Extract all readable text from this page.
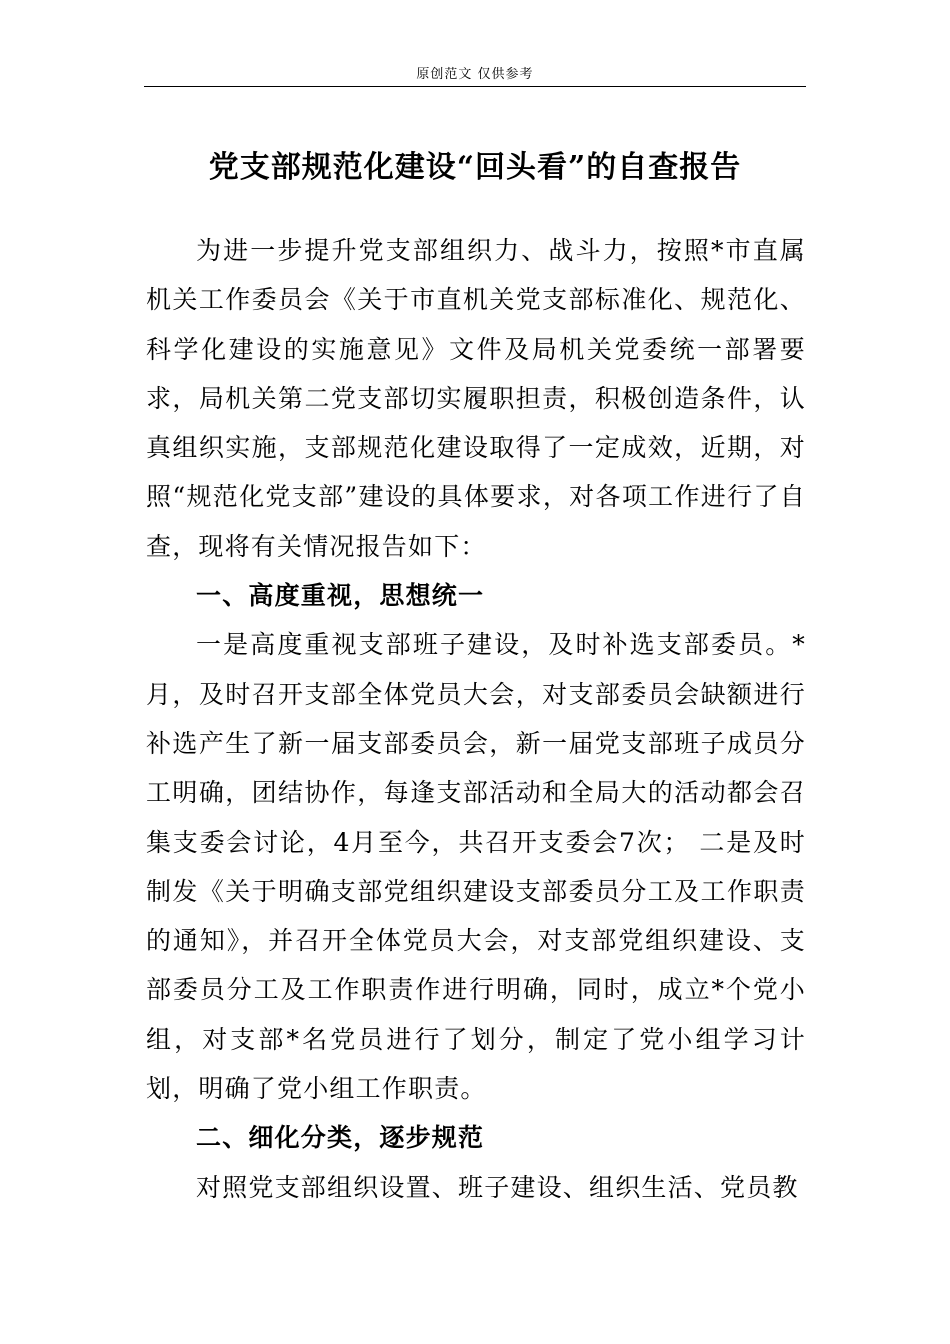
原创范文 仅供参考
党支部规范化建设“回头看”的自查报告

为进一步提升党支部组织力、战斗力，按照*市直属机关工作委员会《关于市直机关党支部标准化、规范化、科学化建设的实施意见》文件及局机关党委统一部署要求，局机关第二党支部切实履职担责，积极创造条件，认真组织实施，支部规范化建设取得了一定成效，近期，对照“规范化党支部”建设的具体要求，对各项工作进行了自查，现将有关情况报告如下：

一、高度重视，思想统一

一是高度重视支部班子建设，及时补选支部委员。*月，及时召开支部全体党员大会，对支部委员会缺额进行补选产生了新一届支部委员会，新一届党支部班子成员分工明确，团结协作，每逢支部活动和全局大的活动都会召集支委会讨论，4月至今，共召开支委会7次； 二是及时制发《关于明确支部党组织建设支部委员分工及工作职责的通知》，并召开全体党员大会，对支部党组织建设、支部委员分工及工作职责作进行明确，同时，成立*个党小组，对支部*名党员进行了划分，制定了党小组学习计划，明确了党小组工作职责。

二、细化分类，逐步规范

对照党支部组织设置、班子建设、组织生活、党员教
